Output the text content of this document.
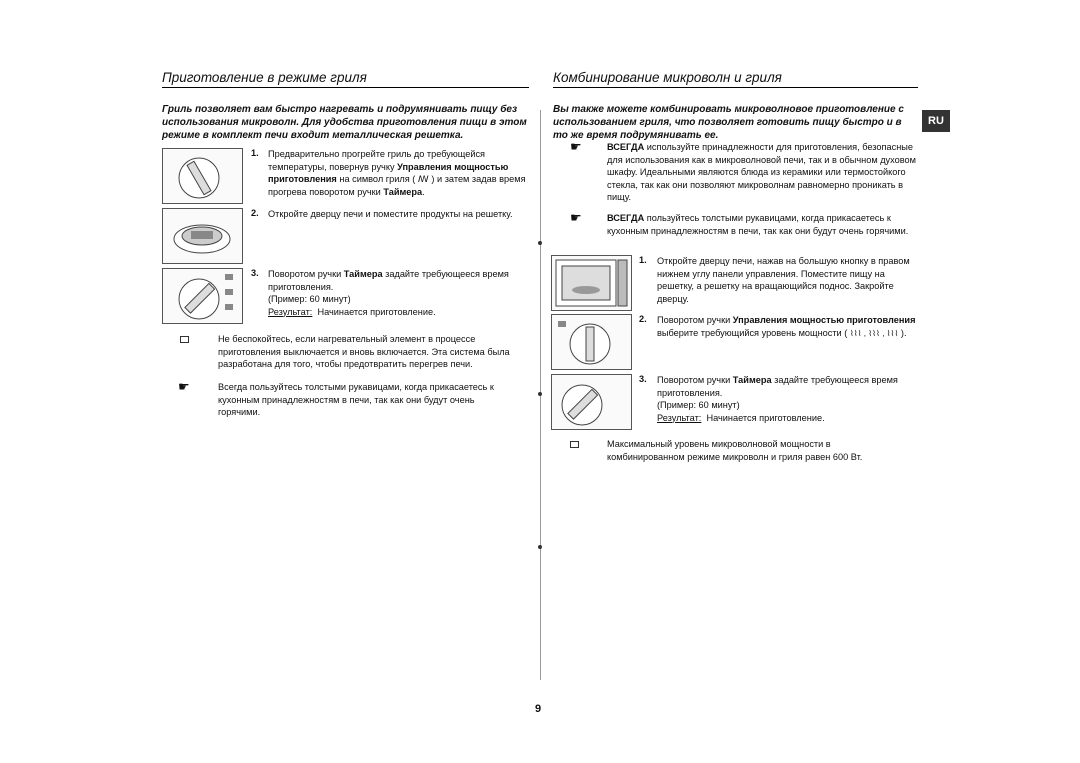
Приготовление в режиме гриля
Гриль позволяет вам быстро нагревать и подрумянивать пищу без использования микроволн. Для удобства приготовления пищи в этом режиме в комплект печи входит металлическая решетка.
1. Предварительно прогрейте гриль до требующейся температуры, повернув ручку Управления мощностью приготовления на символ гриля ( ꟿ ) и затем задав время прогрева поворотом ручки Таймера.
2. Откройте дверцу печи и поместите продукты на решетку.
3. Поворотом ручки Таймера задайте требующееся время приготовления.
(Пример: 60 минут)
Результат: Начинается приготовление.
Не беспокойтесь, если нагревательный элемент в процессе приготовления выключается и вновь включается. Эта система была разработана для того, чтобы предотвратить перегрев печи.
☛	Всегда пользуйтесь толстыми рукавицами, когда прикасаетесь к кухонным принадлежностям в печи, так как они будут очень горячими.
Комбинирование микроволн и гриля
RU
Вы также можете комбинировать микроволновое приготовление с использованием гриля, что позволяет готовить пищу быстро и в то же время подрумянивать ее.
☛	ВСЕГДА используйте принадлежности для приготовления, безопасные для использования как в микроволновой печи, так и в обычном духовом шкафу. Идеальными являются блюда из керамики или термостойкого стекла, так как они позволяют микроволнам равномерно проникать в пищу.
☛	ВСЕГДА пользуйтесь толстыми рукавицами, когда прикасаетесь к кухонным принадлежностям в печи, так как они будут очень горячими.
1. Откройте дверцу печи, нажав на большую кнопку в правом нижнем углу панели управления. Поместите пищу на решетку, а решетку на вращающийся поднос. Закройте дверцу.
2. Поворотом ручки Управления мощностью приготовления выберите требующийся уровень мощности ( ⌇⌇⌇ , ⌇⌇⌇ , ⌇⌇⌇ ).
3. Поворотом ручки Таймера задайте требующееся время приготовления.
(Пример: 60 минут)
Результат: Начинается приготовление.
Максимальный уровень микроволновой мощности в комбинированном режиме микроволн и гриля равен 600 Вт.
9
